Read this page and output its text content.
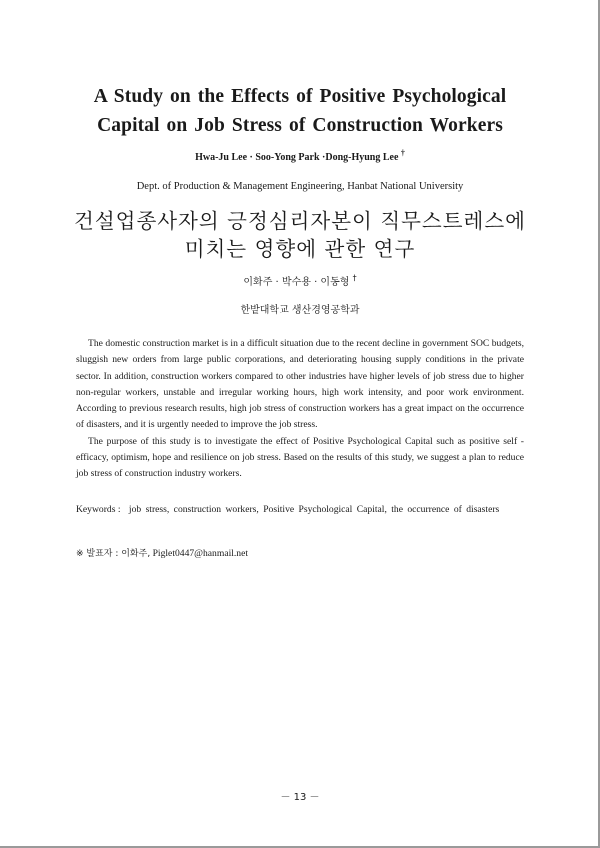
A Study on the Effects of Positive Psychological
Capital on Job Stress of Construction Workers
Hwa-Ju Lee · Soo-Yong Park ·Dong-Hyung Lee †
Dept. of Production & Management Engineering, Hanbat National University
건설업종사자의 긍정심리자본이 직무스트레스에
미치는 영향에 관한 연구
이화주 · 박수용 · 이동형 †
한밭대학교 생산경영공학과

The domestic construction market is in a difficult situation due to the recent decline in government SOC budgets, sluggish new orders from large public corporations, and deteriorating housing supply conditions in the private sector. In addition, construction workers compared to other industries have higher levels of job stress due to higher non-regular workers, unstable and irregular working hours, high work intensity, and poor work environment. According to previous research results, high job stress of construction workers has a great impact on the occurrence of disasters, and it is urgently needed to improve the job stress.

The purpose of this study is to investigate the effect of Positive Psychological Capital such as positive self - efficacy, optimism, hope and resilience on job stress. Based on the results of this study, we suggest a plan to reduce job stress of construction industry workers.

Keywords : job stress, construction workers, Positive Psychological Capital, the occurrence of disasters
※ 발표자 : 이화주, Piglet0447@hanmail.net
－ 13 －
